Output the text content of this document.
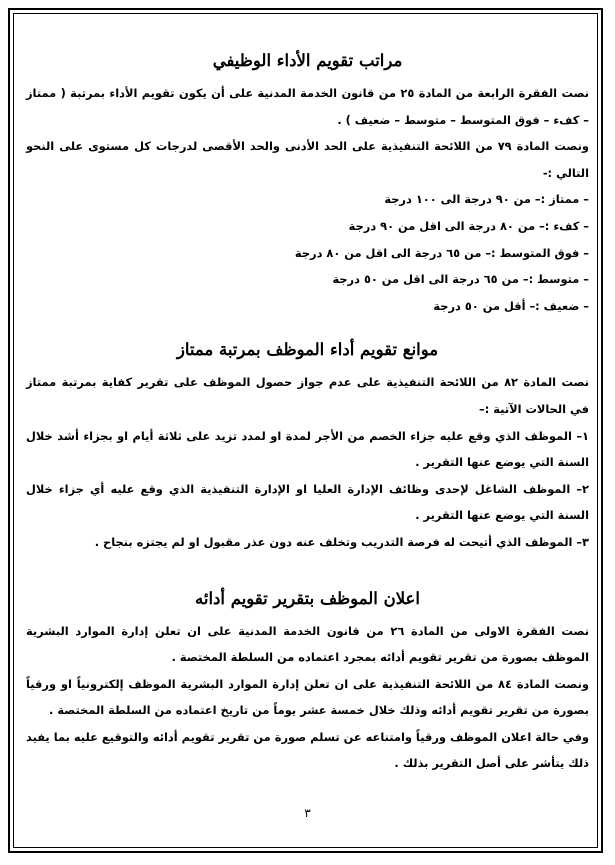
مراتب تقويم الأداء الوظيفي

نصت الفقرة الرابعة من المادة ٢٥ من قانون الخدمة المدنية على أن يكون تقويم الأداء بمرتبة ( ممتاز – كفء – فوق المتوسط – متوسط – ضعيف ) .

ونصت المادة ٧٩ من اللائحة التنفيذية على الحد الأدنى والحد الأقصى لدرجات كل مستوى على النحو التالي :-

– ممتاز :– من ٩٠ درجة الى ١٠٠ درجة

– كفء :– من ٨٠ درجة الى اقل من ٩٠ درجة

– فوق المتوسط :– من ٦٥ درجة الى اقل من ٨٠ درجة

– متوسط :– من ٦٥ درجة الى اقل من ٥٠ درجة

– ضعيف :– أقل من ٥٠ درجة

موانع تقويم أداء الموظف بمرتبة ممتاز

نصت المادة ٨٢ من اللائحة التنفيذية على عدم جواز حصول الموظف على تقرير كفاية بمرتبة ممتاز في الحالات الآتية :–

١– الموظف الذي وقع عليه جزاء الخصم من الأجر لمدة او لمدد تزيد على ثلاثة أيام او بجزاء أشد خلال السنة التي يوضع عنها التقرير .

٢– الموظف الشاغل لإحدى وظائف الإدارة العليا او الإدارة التنفيذية الذي وقع عليه أي جزاء خلال السنة التي يوضع عنها التقرير .

٣– الموظف الذي أتيحت له فرصة التدريب وتخلف عنه دون عذر مقبول او لم يجتزه بنجاح .

اعلان الموظف بتقرير تقويم أدائه

نصت الفقرة الاولى من المادة ٢٦ من قانون الخدمة المدنية على ان تعلن إدارة الموارد البشرية الموظف بصورة من تقرير تقويم أدائه بمجرد اعتماده من السلطة المختصة .

ونصت المادة ٨٤ من اللائحة التنفيذية على ان تعلن إدارة الموارد البشرية الموظف إلكترونياً او ورقياً بصورة من تقرير تقويم أدائه وذلك خلال خمسة عشر يوماً من تاريخ اعتماده من السلطة المختصة .

وفي حالة اعلان الموظف ورقياً وامتناعه عن تسلم صورة من تقرير تقويم أدائه والتوقيع عليه بما يفيد ذلك يتأشر على أصل التقرير بذلك .

٣
